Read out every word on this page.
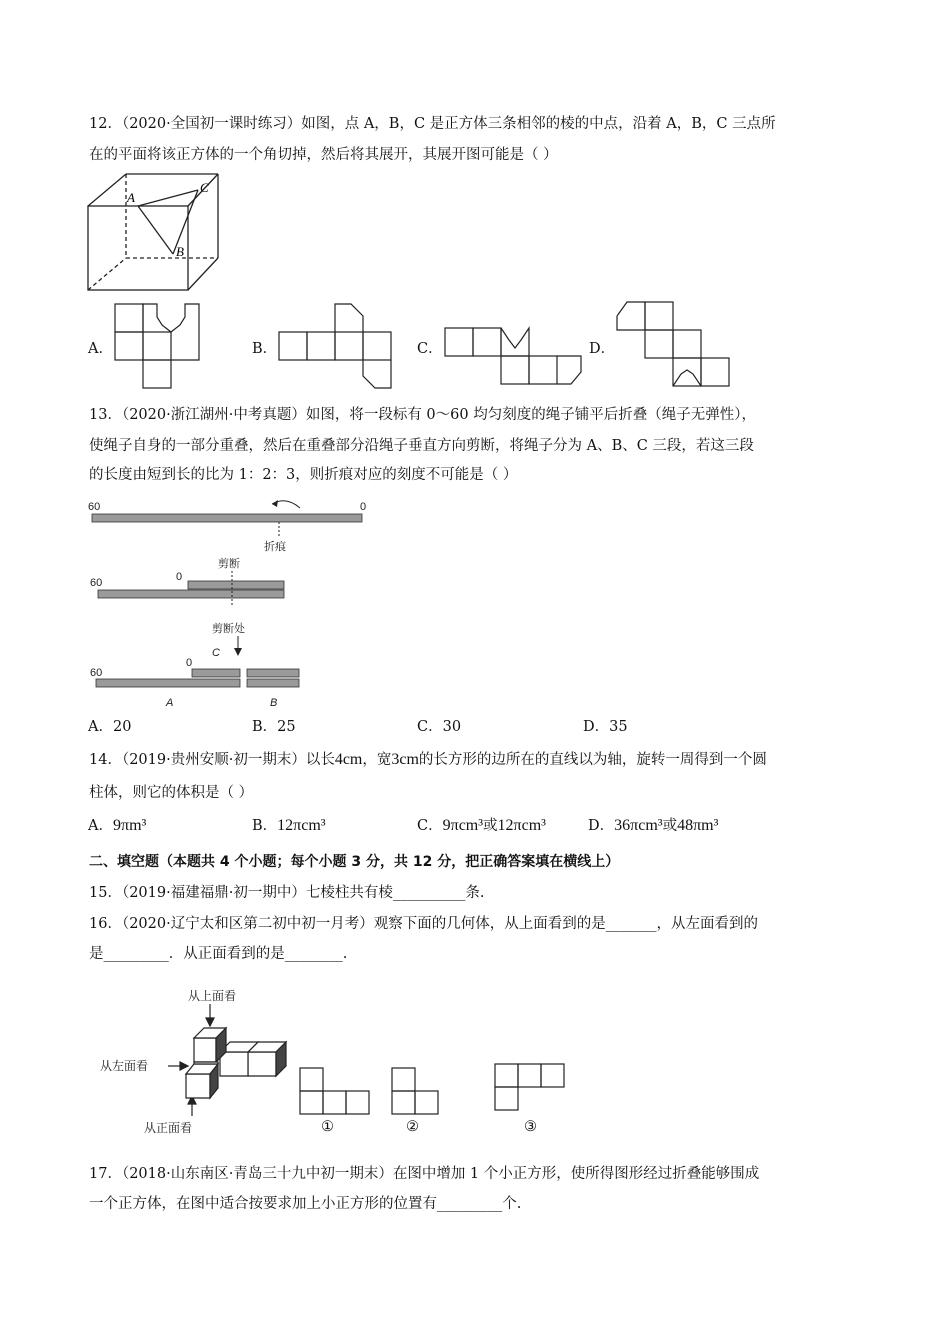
12．（2020·全国初一课时练习）如图，点 A，B，C 是正方体三条相邻的棱的中点，沿着 A，B，C 三点所
在的平面将该正方体的一个角切掉，然后将其展开，其展开图可能是（ ）
A
C
B
A．	B．	C．	D．
13．（2020·浙江湖州·中考真题）如图，将一段标有 0～60 均匀刻度的绳子铺平后折叠（绳子无弹性），
使绳子自身的一部分重叠，然后在重叠部分沿绳子垂直方向剪断，将绳子分为 A、B、C 三段，若这三段
的长度由短到长的比为 1：2：3，则折痕对应的刻度不可能是（ ）
60	0
折痕
剪断
60	0
剪断处
C
60
0
A	B
A．20	B．25	C．30	D．35
14．（2019·贵州安顺·初一期末）以长4cm，宽3cm的长方形的边所在的直线以为轴，旋转一周得到一个圆
柱体，则它的体积是（ ）
A．9πm³	B．12πcm³	C．9πcm³或12πcm³	D．36πcm³或48πm³
二、填空题（本题共 4 个小题；每个小题 3 分，共 12 分，把正确答案填在横线上）
15．（2019·福建福鼎·初一期中）七棱柱共有棱__________条.
16．（2020·辽宁太和区第二初中初一月考）观察下面的几何体，从上面看到的是_______，从左面看到的
是_________．从正面看到的是________.
从上面看
从左面看
从正面看	①	②	③
17．（2018·山东南区·青岛三十九中初一期末）在图中增加 1 个小正方形，使所得图形经过折叠能够围成
一个正方体，在图中适合按要求加上小正方形的位置有_________个.
